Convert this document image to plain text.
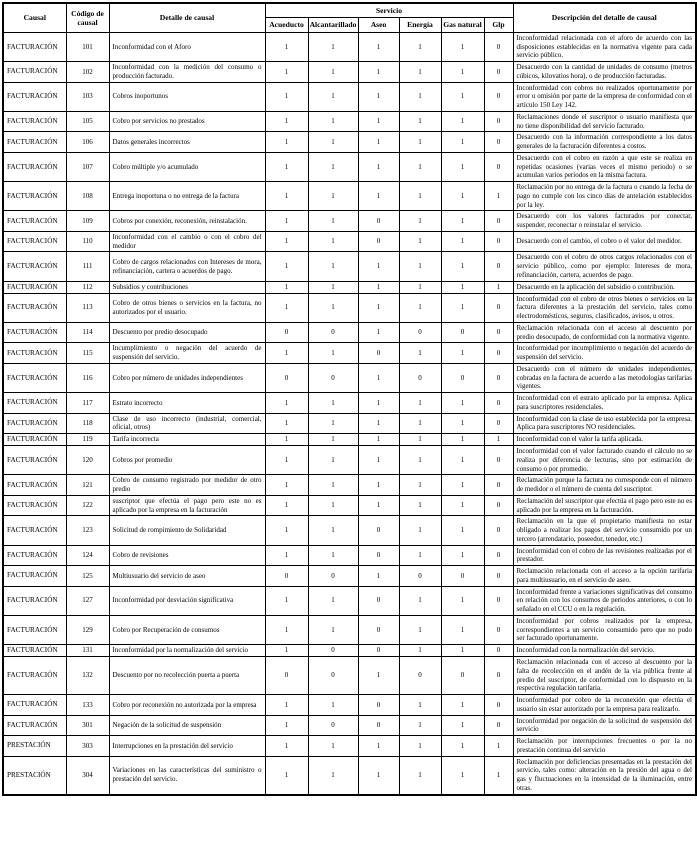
Causal	Código de causal	Detalle de causal	Servicio						Descripción del detalle de causal
			Acueducto	Alcantarillado	Aseo	Energía	Gas natural	Glp	
FACTURACIÓN	101	Inconformidad con el Aforo	1	1	1	1	1	0	Inconformidad relacionada con el aforo de acuerdo con las disposiciones establecidas en la normativa vigente para cada servicio público.
FACTURACIÓN	102	Inconformidad con la medición del consumo o producción facturado.	1	1	1	1	1	0	Desacuerdo con la cantidad de unidades de consumo (metros cúbicos, kilovatios hora), o de producción facturadas.
FACTURACIÓN	103	Cobros inoportunos	1	1	1	1	1	0	Inconformidad con cobros no realizados oportunamente por error u omisión por parte de la empresa de conformidad con el artículo 150 Ley 142.
FACTURACIÓN	105	Cobro por servicios no prestados	1	1	1	1	1	0	Reclamaciones donde el suscriptor o usuario manifiesta que no tiene disponibilidad del servicio facturado.
FACTURACIÓN	106	Datos generales incorrectos	1	1	1	1	1	0	Desacuerdo con la información correspondiente a los datos generales de la facturación diferentes a costos.
FACTURACIÓN	107	Cobro múltiple y/o acumulado	1	1	1	1	1	0	Desacuerdo con el cobro en razón a que este se realiza en repetidas ocasiones (varias veces el mismo periodo) o se acumulan varios periodos en la misma factura.
FACTURACIÓN	108	Entrega inoportuna o no entrega de la factura	1	1	1	1	1	1	Reclamación por no entrega de la factura o cuando la fecha de pago no cumple con los cinco días de antelación establecidos por la ley.
FACTURACIÓN	109	Cobros por conexión, reconexión, reinstalación.	1	1	0	1	1	0	Desacuerdo con los valores facturados por conectar, suspender, reconectar o reinstalar el servicio.
FACTURACIÓN	110	Inconformidad con el cambio o con el cobro del medidor	1	1	0	1	1	0	Desacuerdo con el cambio, el cobro o el valor del medidor.
FACTURACIÓN	111	Cobro de cargos relacionados con Intereses de mora, refinanciación, cartera o acuerdos de pago.	1	1	1	1	1	0	Desacuerdo con el cobro de otros cargos relacionados con el servicio público, como por ejemplo: Intereses de mora, refinanciación, cartera, acuerdos de pago.
FACTURACIÓN	112	Subsidios y contribuciones	1	1	1	1	1	1	Desacuerdo en la aplicación del subsidio o contribución.
FACTURACIÓN	113	Cobro de otros bienes o servicios en la factura, no autorizados por el usuario.	1	1	1	1	1	0	Inconformidad con el cobro de otros bienes o servicios en la factura diferentes a la prestación del servicio, tales como electrodomésticos, seguros, clasificados, avisos, u otros.
FACTURACIÓN	114	Descuento por predio desocupado	0	0	1	0	0	0	Reclamación relacionada con el acceso al descuento por predio desocupado, de conformidad con la normativa vigente.
FACTURACIÓN	115	Incumplimiento o negación del acuerdo de suspensión del servicio.	1	1	0	1	1	0	Inconformidad por incumplimiento o negación del acuerdo de suspensión del servicio.
FACTURACIÓN	116	Cobro por número de unidades independientes	0	0	1	0	0	0	Desacuerdo con el número de unidades independientes, cobradas en la factura de acuerdo a las metodologías tarifarias vigentes.
FACTURACIÓN	117	Estrato incorrecto	1	1	1	1	1	0	Inconformidad con el estrato aplicado por la empresa. Aplica para suscriptores residenciales.
FACTURACIÓN	118	Clase de uso incorrecto (industrial, comercial, oficial, otros)	1	1	1	1	1	0	Inconformidad con la clase de uso establecida por la empresa. Aplica para suscriptores NO residenciales.
FACTURACIÓN	119	Tarifa incorrecta	1	1	1	1	1	1	Inconformidad con el valor la tarifa aplicada.
FACTURACIÓN	120	Cobros por promedio	1	1	1	1	1	0	Inconformidad con el valor facturado cuando el cálculo no se realiza por diferencia de lecturas, sino por estimación de consumo o por promedio.
FACTURACIÓN	121	Cobro de consumo registrado por medidor de otro predio	1	1	1	1	1	0	Reclamación porque la factura no corresponde con el número de medidor o el número de cuenta del suscriptor.
FACTURACIÓN	122	suscriptor que efectúa el pago pero este no es aplicado por la empresa en la facturación	1	1	1	1	1	0	Reclamación del suscriptor que efectúa el pago pero este no es aplicado por la empresa en la facturación.
FACTURACIÓN	123	Solicitud de rompimiento de Solidaridad	1	1	0	1	1	0	Reclamación en la que el propietario manifiesta no estar obligado a realizar los pagos del servicio consumido por un tercero (arrendatario, poseedor, tenedor, etc.)
FACTURACIÓN	124	Cobro de revisiones	1	1	0	1	1	0	Inconformidad con el cobro de las revisiones realizadas por el prestador.
FACTURACIÓN	125	Multiusuario del servicio de aseo	0	0	1	0	0	0	Reclamación relacionada con el acceso a la opción tarifaria para multiusuario, en el servicio de aseo.
FACTURACIÓN	127	Inconformidad por desviación significativa	1	1	0	1	1	0	Inconformidad frente a variaciones significativas del consumo en relación con los consumos de periodos anteriores, o con lo señalado en el CCU o en la regulación.
FACTURACIÓN	129	Cobro por Recuperación de consumos	1	1	0	1	1	0	Inconformidad por cobros realizados por la empresa, correspondientes a un servicio consumido pero que no pudo ser facturado oportunamente.
FACTURACIÓN	131	Inconformidad por la normalización del servicio	1	0	0	1	1	0	Inconformidad con la normalización del servicio.
FACTURACIÓN	132	Descuento por no recolección puerta a puerta	0	0	1	0	0	0	Reclamación relacionada con el acceso al descuento por la falta de recolección en el andén de la vía pública frente al predio del suscriptor, de conformidad con lo dispuesto en la respectiva regulación tarifaria.
FACTURACIÓN	133	Cobro por reconexión no autorizada por la empresa	1	1	0	1	1	0	Inconformidad por cobro de la reconexión que efectúa el usuario sin estar autorizado por la empresa para realizarlo.
FACTURACIÓN	301	Negación de la solicitud de suspensión	1	0	0	1	1	0	Inconformidad por negación de la solicitud de suspensión del servicio
PRESTACIÓN	303	Interrupciones en la prestación del servicio	1	1	1	1	1	1	Reclamación por interrupciones frecuentes o por la no prestación continua del servicio
PRESTACIÓN	304	Variaciones en las características del suministro o prestación del servicio.	1	1	1	1	1	1	Reclamación por deficiencias presentadas en la prestación del servicio, tales como: alteración en la presión del agua o del gas y fluctuaciones en la intensidad de la iluminación, entre otras.
